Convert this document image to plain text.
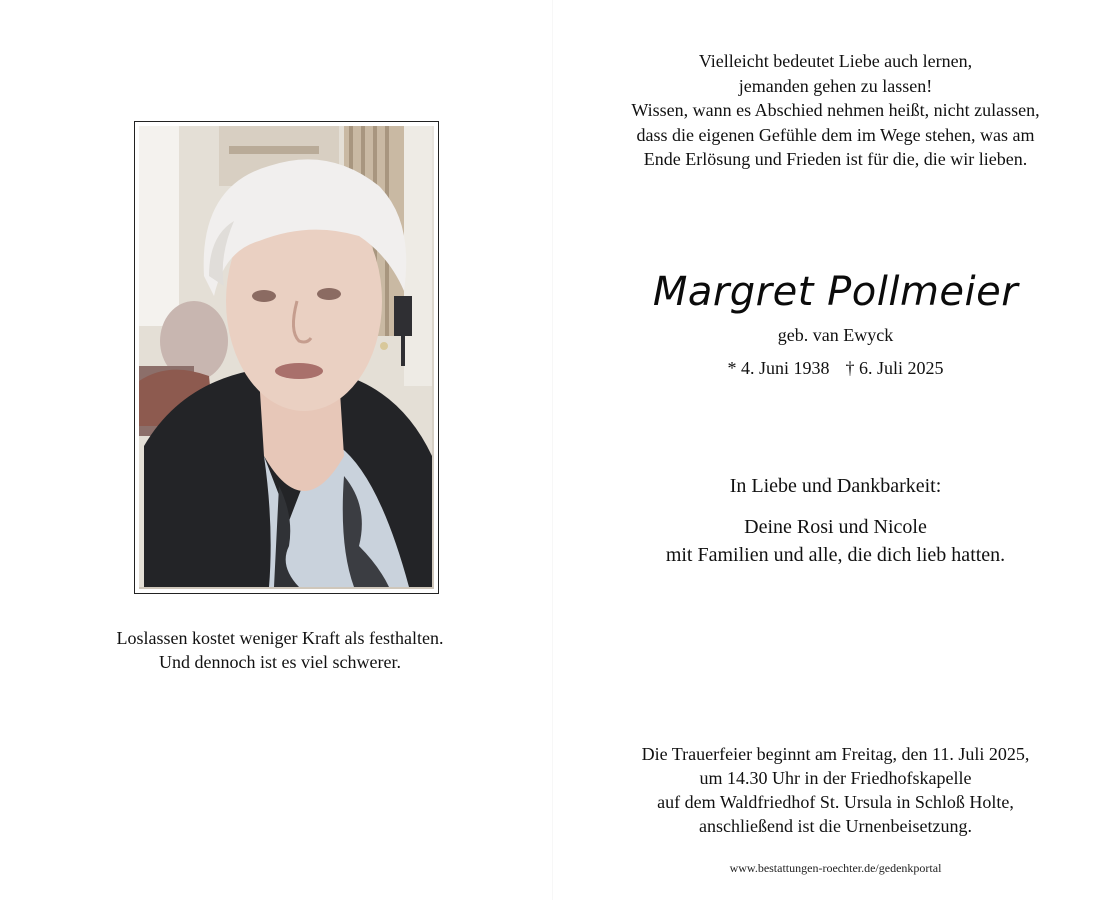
Loslassen kostet weniger Kraft als festhalten.
Und dennoch ist es viel schwerer.
Vielleicht bedeutet Liebe auch lernen,
jemanden gehen zu lassen!
Wissen, wann es Abschied nehmen heißt, nicht zulassen,
dass die eigenen Gefühle dem im Wege stehen, was am
Ende Erlösung und Frieden ist für die, die wir lieben.
Margret Pollmeier
geb. van Ewyck
* 4. Juni 1938 † 6. Juli 2025
In Liebe und Dankbarkeit:
Deine Rosi und Nicole
mit Familien und alle, die dich lieb hatten.
Die Trauerfeier beginnt am Freitag, den 11. Juli 2025,
um 14.30 Uhr in der Friedhofskapelle
auf dem Waldfriedhof St. Ursula in Schloß Holte,
anschließend ist die Urnenbeisetzung.
www.bestattungen-roechter.de/gedenkportal
